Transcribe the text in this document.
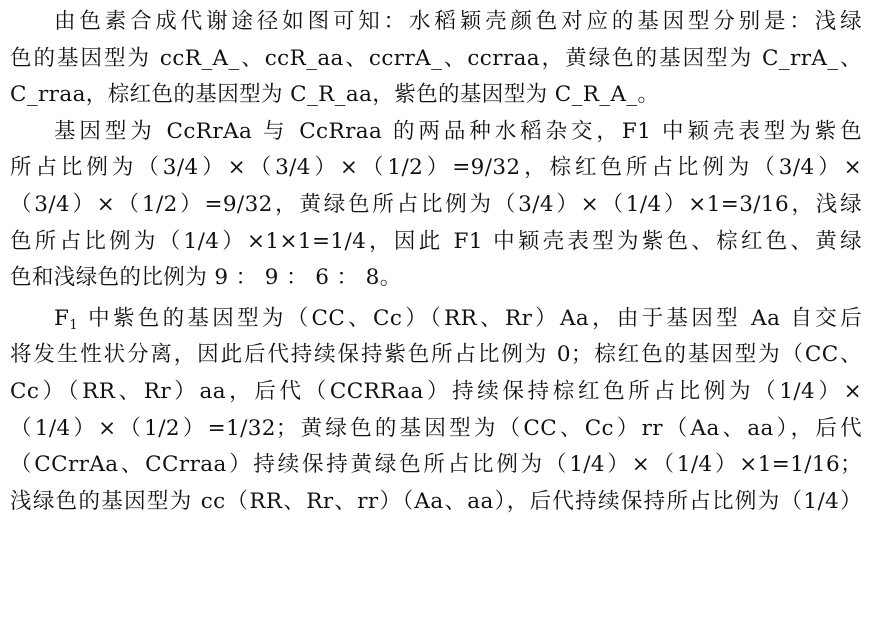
由色素合成代谢途径如图可知：水稻颖壳颜色对应的基因型分别是：浅绿
色的基因型为 ccR_A_、ccR_aa、ccrrA_、ccrraa，黄绿色的基因型为 C_rrA_、
C_rraa，棕红色的基因型为 C_R_aa，紫色的基因型为 C_R_A_。
基因型为 CcRrAa 与 CcRraa 的两品种水稻杂交，F1 中颖壳表型为紫色
所占比例为（3/4）×（3/4）×（1/2）=9/32，棕红色所占比例为（3/4）×
（3/4）×（1/2）=9/32，黄绿色所占比例为（3/4）×（1/4）×1=3/16，浅绿
色所占比例为（1/4）×1×1=1/4，因此 F1 中颖壳表型为紫色、棕红色、黄绿
色和浅绿色的比例为 9 ： 9 ： 6 ： 8。
$F_1$ 中紫色的基因型为（CC、Cc）（RR、Rr）Aa，由于基因型 Aa 自交后
将发生性状分离，因此后代持续保持紫色所占比例为 0；棕红色的基因型为（CC、
Cc）（RR、Rr）aa，后代（CCRRaa）持续保持棕红色所占比例为（1/4）×
（1/4）×（1/2）=1/32；黄绿色的基因型为（CC、Cc）rr（Aa、aa），后代
（CCrrAa、CCrraa）持续保持黄绿色所占比例为（1/4）×（1/4）×1=1/16；
浅绿色的基因型为 cc（RR、Rr、rr）（Aa、aa），后代持续保持所占比例为（1/4）
